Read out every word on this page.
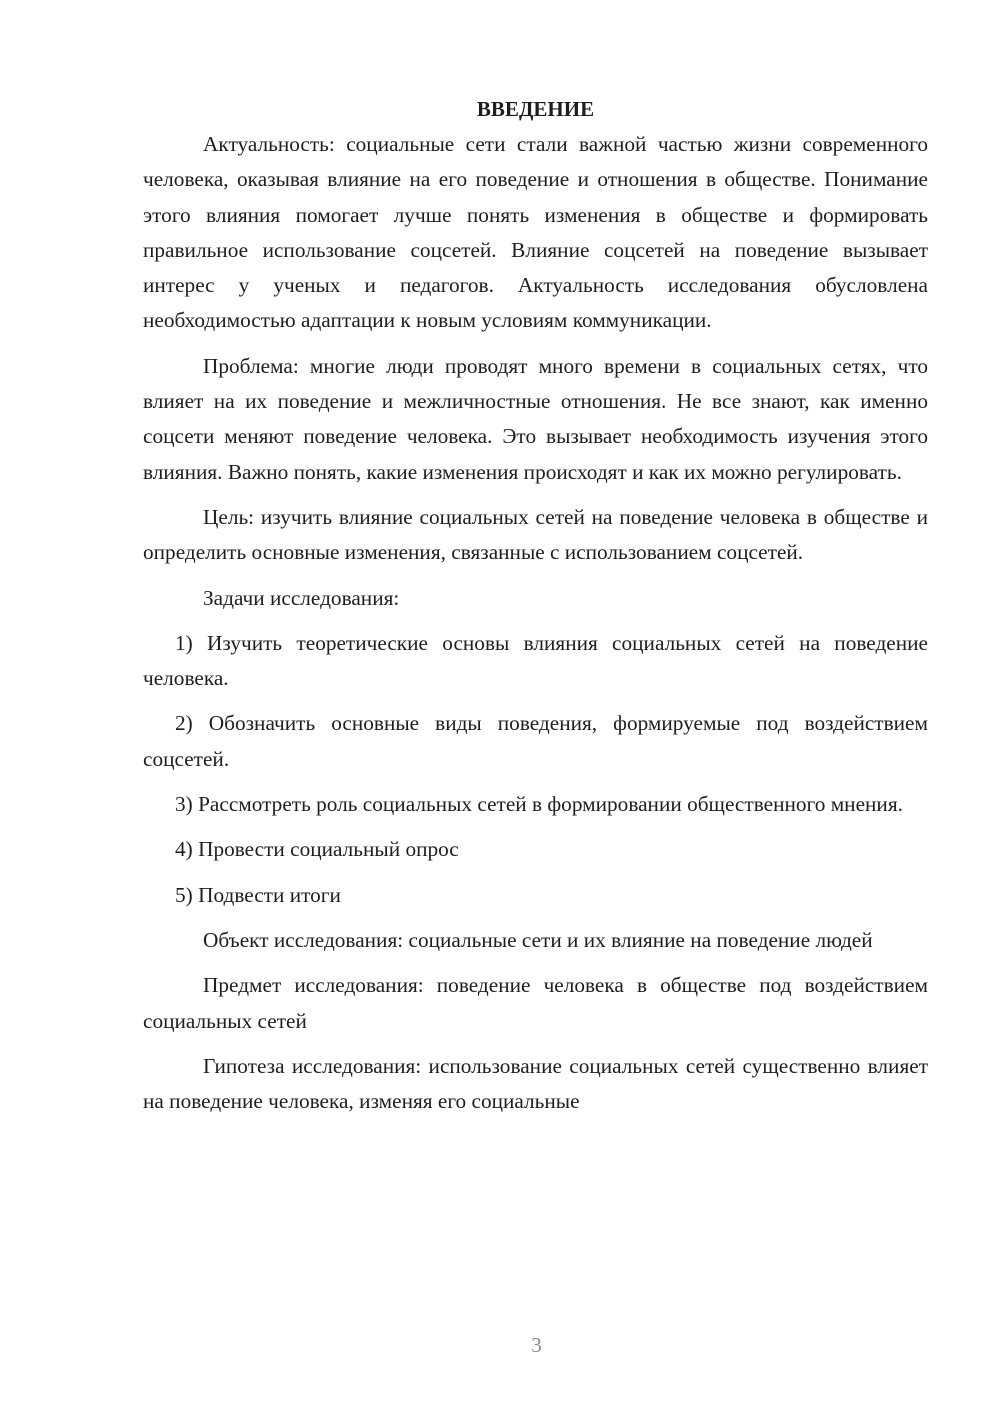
ВВЕДЕНИЕ

Актуальность: социальные сети стали важной частью жизни современного человека, оказывая влияние на его поведение и отношения в обществе. Понимание этого влияния помогает лучше понять изменения в обществе и формировать правильное использование соцсетей. Влияние соцсетей на поведение вызывает интерес у ученых и педагогов. Актуальность исследования обусловлена необходимостью адаптации к новым условиям коммуникации.

Проблема: многие люди проводят много времени в социальных сетях, что влияет на их поведение и межличностные отношения. Не все знают, как именно соцсети меняют поведение человека. Это вызывает необходимость изучения этого влияния. Важно понять, какие изменения происходят и как их можно регулировать.

Цель: изучить влияние социальных сетей на поведение человека в обществе и определить основные изменения, связанные с использованием соцсетей.

Задачи исследования:

1) Изучить теоретические основы влияния социальных сетей на поведение человека.

2) Обозначить основные виды поведения, формируемые под воздействием соцсетей.

3) Рассмотреть роль социальных сетей в формировании общественного мнения.

4) Провести социальный опрос

5) Подвести итоги

Объект исследования: социальные сети и их влияние на поведение людей

Предмет исследования: поведение человека в обществе под воздействием социальных сетей

Гипотеза исследования: использование социальных сетей существенно влияет на поведение человека, изменяя его социальные

3
